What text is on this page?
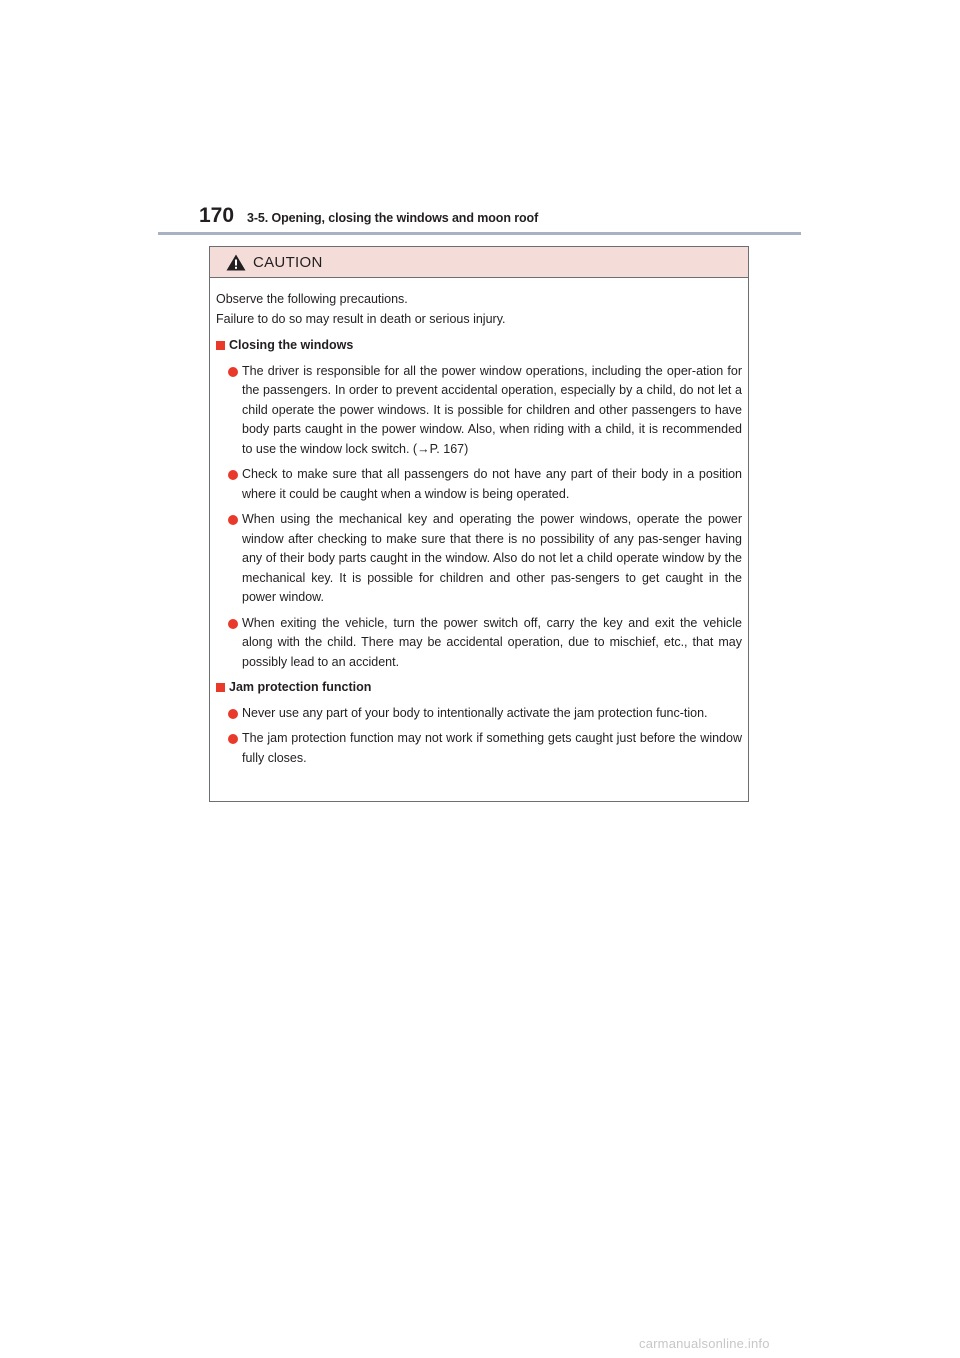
170 3-5. Opening, closing the windows and moon roof
CAUTION

Observe the following precautions.

Failure to do so may result in death or serious injury.

Closing the windows
The driver is responsible for all the power window operations, including the oper-ation for the passengers. In order to prevent accidental operation, especially by a child, do not let a child operate the power windows. It is possible for children and other passengers to have body parts caught in the power window. Also, when riding with a child, it is recommended to use the window lock switch. (→P. 167)
Check to make sure that all passengers do not have any part of their body in a position where it could be caught when a window is being operated.
When using the mechanical key and operating the power windows, operate the power window after checking to make sure that there is no possibility of any pas-senger having any of their body parts caught in the window. Also do not let a child operate window by the mechanical key. It is possible for children and other pas-sengers to get caught in the power window.
When exiting the vehicle, turn the power switch off, carry the key and exit the vehicle along with the child. There may be accidental operation, due to mischief, etc., that may possibly lead to an accident.
Jam protection function
Never use any part of your body to intentionally activate the jam protection func-tion.
The jam protection function may not work if something gets caught just before the window fully closes.
carmanualsonline.info
